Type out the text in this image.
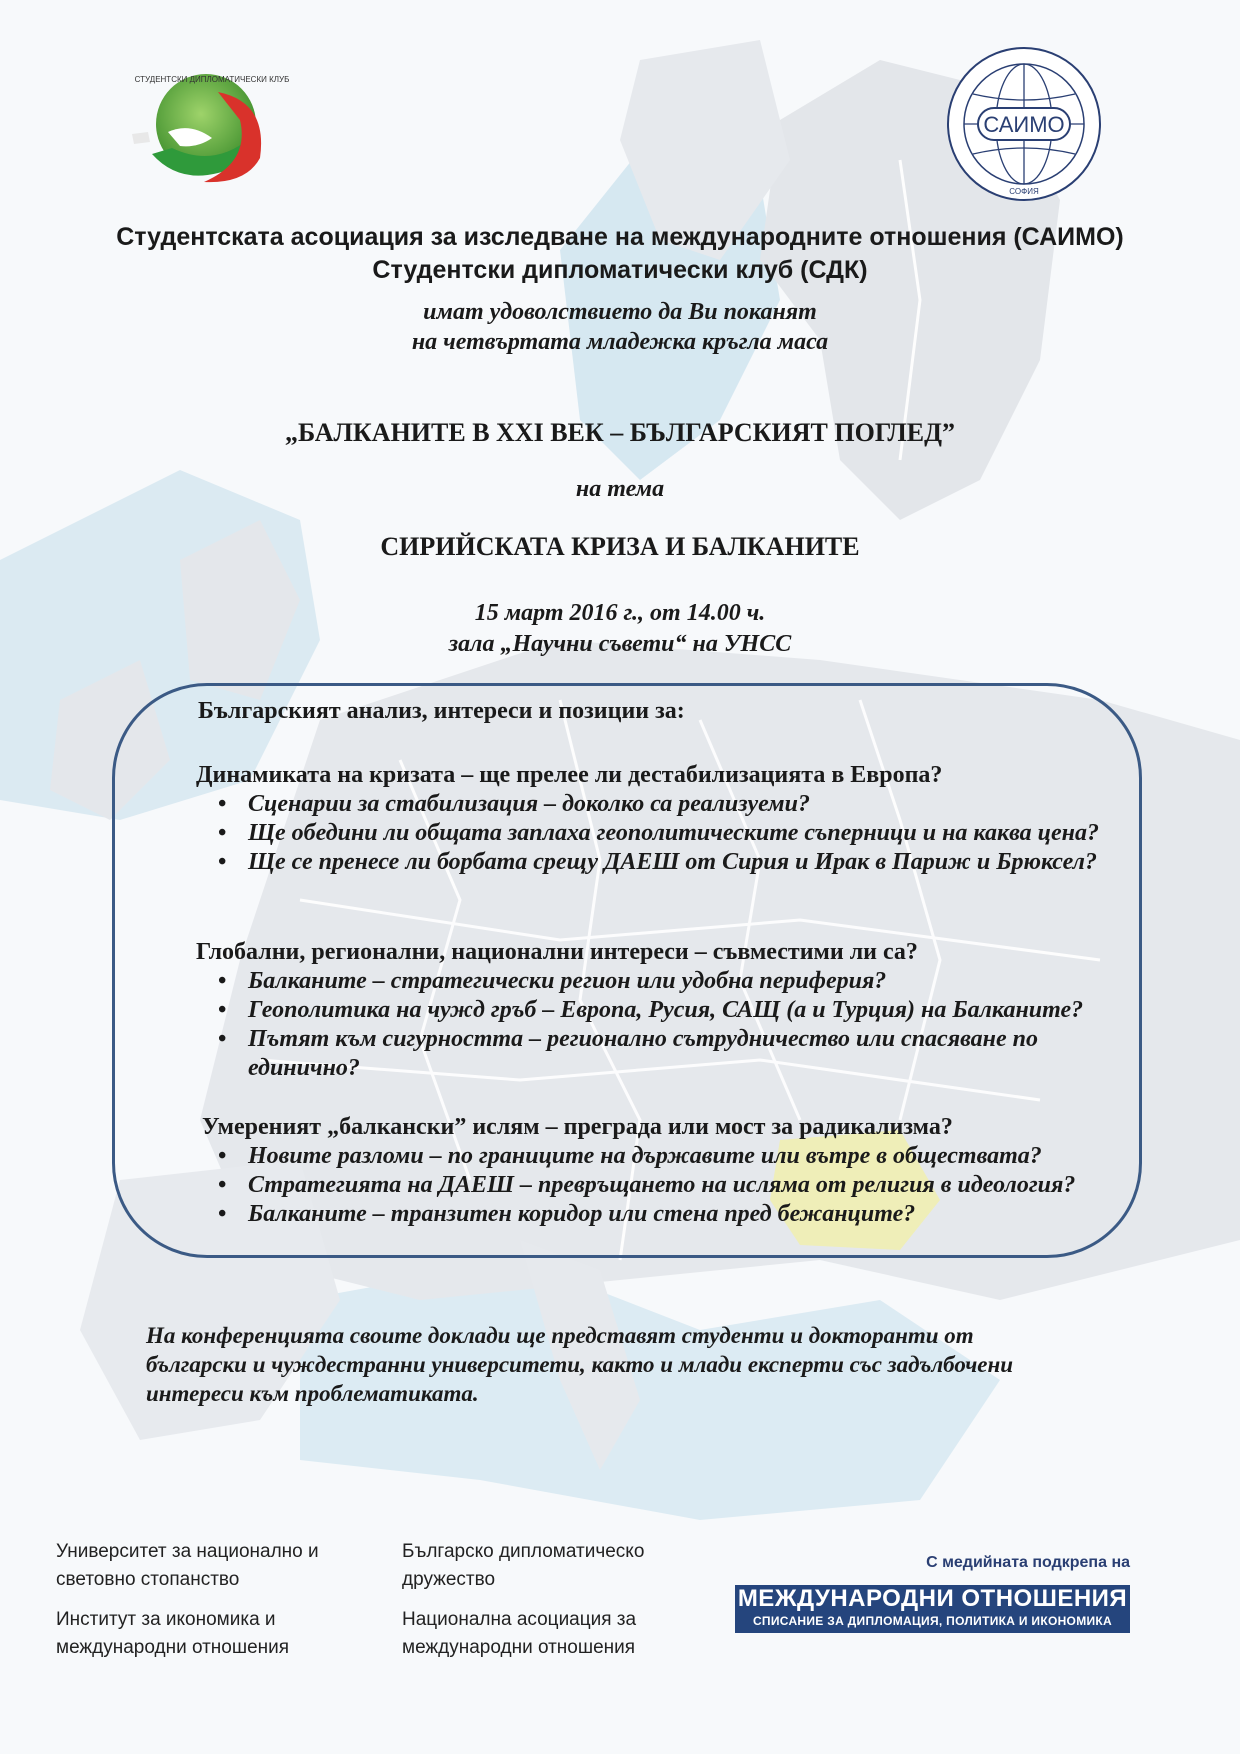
СТУДЕНТСКИ ДИПЛОМАТИЧЕСКИ КЛУБ
САИМО
СОФИЯ
Студентската асоциация за изследване на международните отношения (САИМО)
Студентски дипломатически клуб (СДК)
имат удоволствието да Ви поканят
на четвъртата младежка кръгла маса
„БАЛКАНИТЕ В XXI ВЕК – БЪЛГАРСКИЯТ ПОГЛЕД”
на тема
СИРИЙСКАТА КРИЗА И БАЛКАНИТЕ
15 март 2016 г., от 14.00 ч.
зала „Научни съвети“ на УНСС
Българският анализ, интереси и позиции за:
Динамиката на кризата – ще прелее ли дестабилизацията в Европа?
• Сценарии за стабилизация – доколко са реализуеми?
• Ще обедини ли общата заплаха геополитическите съперници и на каква цена?
• Ще се пренесе ли борбата срещу ДАЕШ от Сирия и Ирак в Париж и Брюксел?
Глобални, регионални, национални интереси – съвместими ли са?
• Балканите – стратегически регион или удобна периферия?
• Геополитика на чужд гръб – Европа, Русия, САЩ (а и Турция) на Балканите?
• Пътят към сигурността – регионално сътрудничество или спасяване по единично?
Умереният „балкански” ислям – преграда или мост за радикализма?
• Новите разломи – по границите на държавите или вътре в обществата?
• Стратегията на ДАЕШ – превръщането на исляма от религия в идеология?
• Балканите – транзитен коридор или стена пред бежанците?
На конференцията своите доклади ще представят студенти и докторанти от български и чуждестранни университети, както и млади експерти със задълбочени интереси към проблематиката.
Университет за национално и световно стопанство
Институт за икономика и международни отношения
Българско дипломатическо дружество
Национална асоциация за международни отношения
С медийната подкрепа на
МЕЖДУНАРОДНИ ОТНОШЕНИЯ
СПИСАНИЕ ЗА ДИПЛОМАЦИЯ, ПОЛИТИКА И ИКОНОМИКА
